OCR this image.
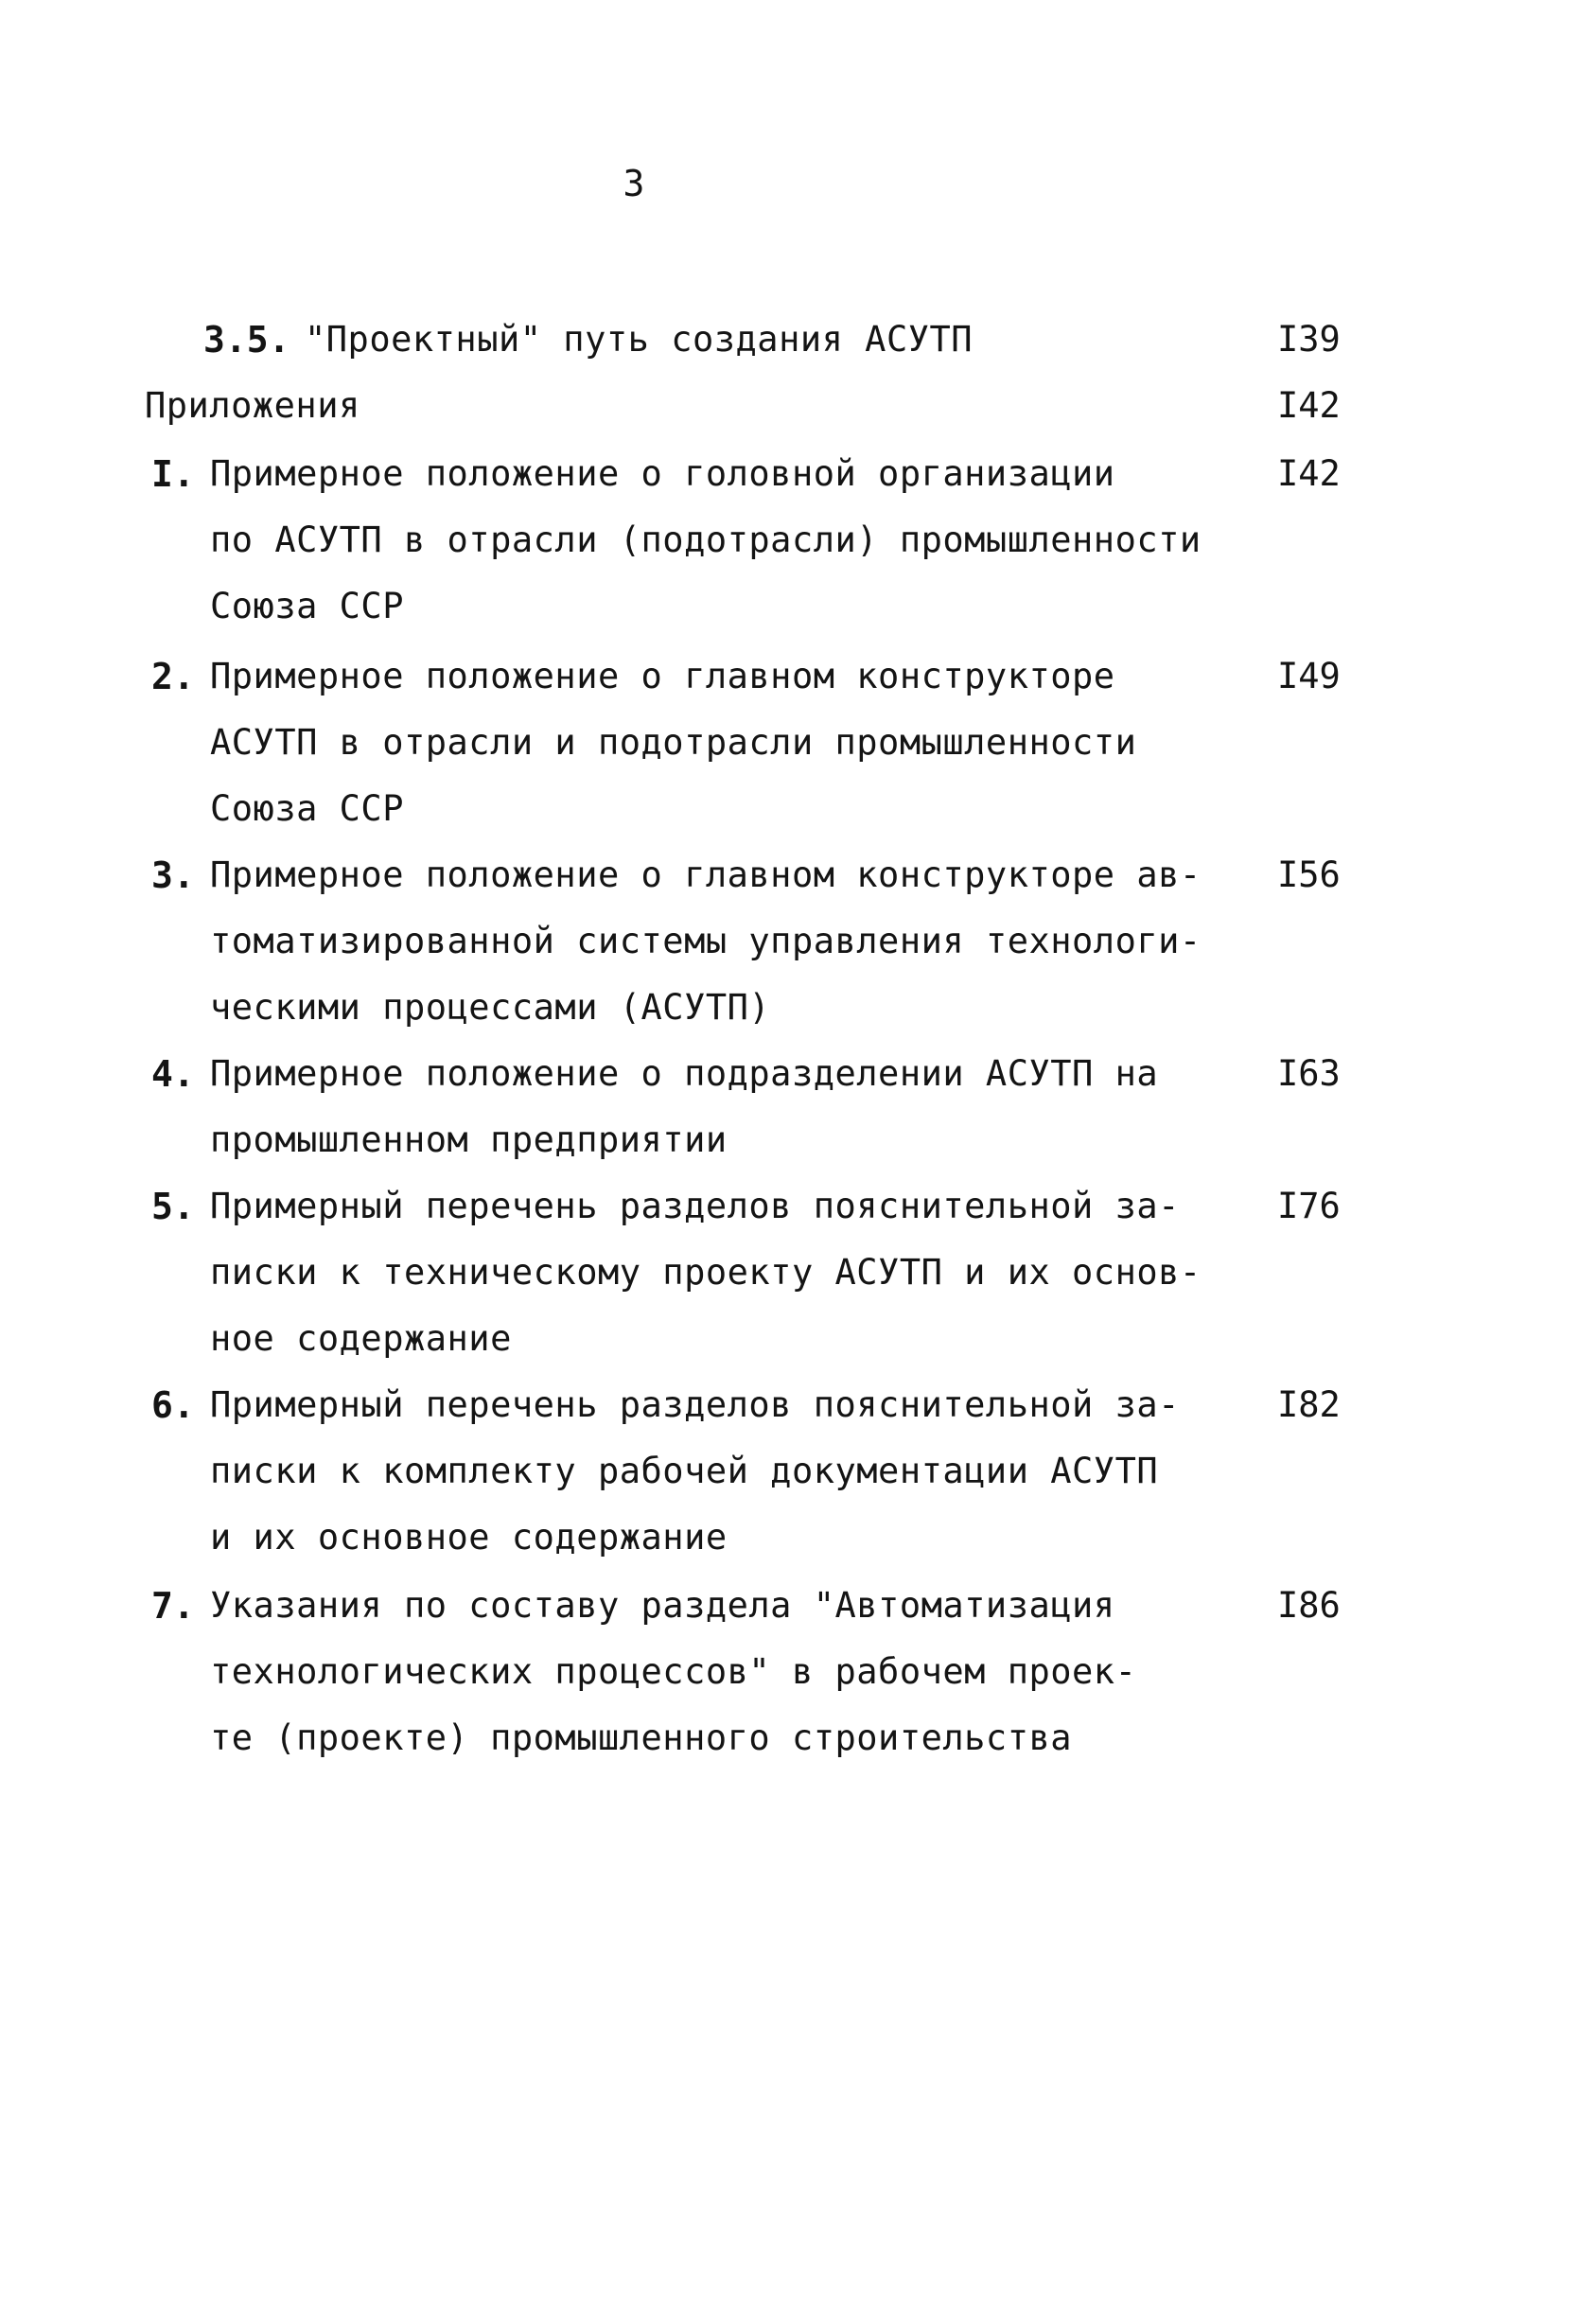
3
3.5. "Проектный" путь создания АСУТП	I39
Приложения	I42
I. Примерное положение о головной организации
по АСУТП в отрасли (подотрасли) промышленности
Союза ССР
I42
2. Примерное положение о главном конструкторе
АСУТП в отрасли и подотрасли промышленности
Союза ССР
I49
3. Примерное положение о главном конструкторе ав-
томатизированной системы управления технологи-
ческими процессами (АСУТП)
I56
4. Примерное положение о подразделении АСУТП на
промышленном предприятии
I63
5. Примерный перечень разделов пояснительной за-
писки к техническому проекту АСУТП и их основ-
ное содержание
I76
6. Примерный перечень разделов пояснительной за-
писки к комплекту рабочей документации АСУТП
и их основное содержание
I82
7. Указания по составу раздела "Автоматизация
технологических процессов" в рабочем проек-
те (проекте) промышленного строительства
I86
